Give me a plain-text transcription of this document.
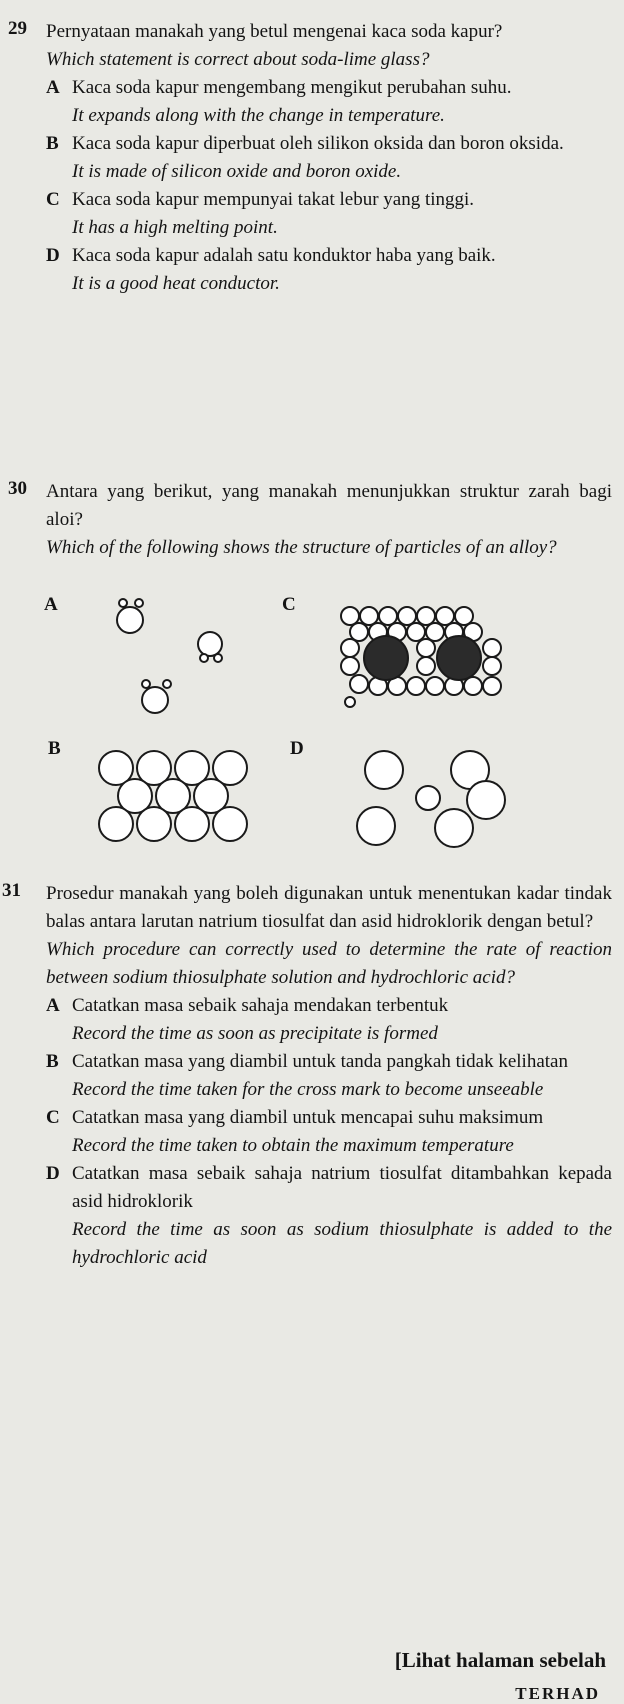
29 Pernyataan manakah yang betul mengenai kaca soda kapur?
Which statement is correct about soda-lime glass?
A Kaca soda kapur mengembang mengikut perubahan suhu.
It expands along with the change in temperature.
B Kaca soda kapur diperbuat oleh silikon oksida dan boron oksida.
It is made of silicon oxide and boron oxide.
C Kaca soda kapur mempunyai takat lebur yang tinggi.
It has a high melting point.
D Kaca soda kapur adalah satu konduktor haba yang baik.
It is a good heat conductor.
30 Antara yang berikut, yang manakah menunjukkan struktur zarah bagi aloi?
Which of the following shows the structure of particles of an alloy?
A
B
C
D
31 Prosedur manakah yang boleh digunakan untuk menentukan kadar tindak balas antara larutan natrium tiosulfat dan asid hidroklorik dengan betul?
Which procedure can correctly used to determine the rate of reaction between sodium thiosulphate solution and hydrochloric acid?
A Catatkan masa sebaik sahaja mendakan terbentuk
Record the time as soon as precipitate is formed
B Catatkan masa yang diambil untuk tanda pangkah tidak kelihatan
Record the time taken for the cross mark to become unseeable
C Catatkan masa yang diambil untuk mencapai suhu maksimum
Record the time taken to obtain the maximum temperature
D Catatkan masa sebaik sahaja natrium tiosulfat ditambahkan kepada asid hidroklorik
Record the time as soon as sodium thiosulphate is added to the hydrochloric acid
[Lihat halaman sebelah
TERHAD
